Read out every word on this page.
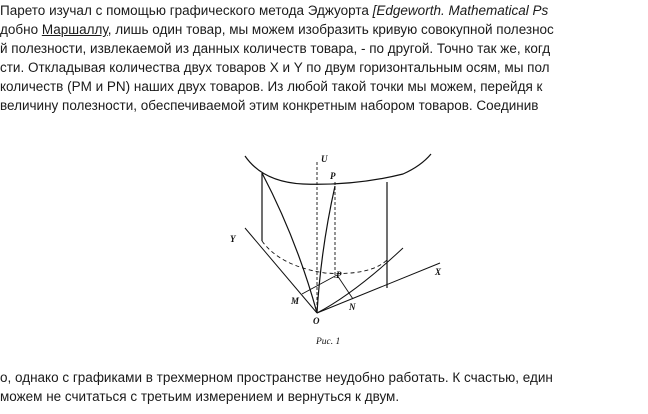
Парето изучал с помощью графического метода Эджуорта [Edgeworth. Mathematical Ps
добно Маршаллу, лишь один товар, мы можем изобразить кривую совокупной полезнос
й полезности, извлекаемой из данных количеств товара, - по другой. Точно так же, когд
сти. Откладывая количества двух товаров X и Y по двум горизонтальным осям, мы пол
количеств (PM и PN) наших двух товаров. Из любой такой точки мы можем, перейдя к
величину полезности, обеспечиваемой этим конкретным набором товаров. Соединив
U
P
Y
X
P
M
N
O
Рис. 1
о, однако с графиками в трехмерном пространстве неудобно работать. К счастью, един
можем не считаться с третьим измерением и вернуться к двум.
